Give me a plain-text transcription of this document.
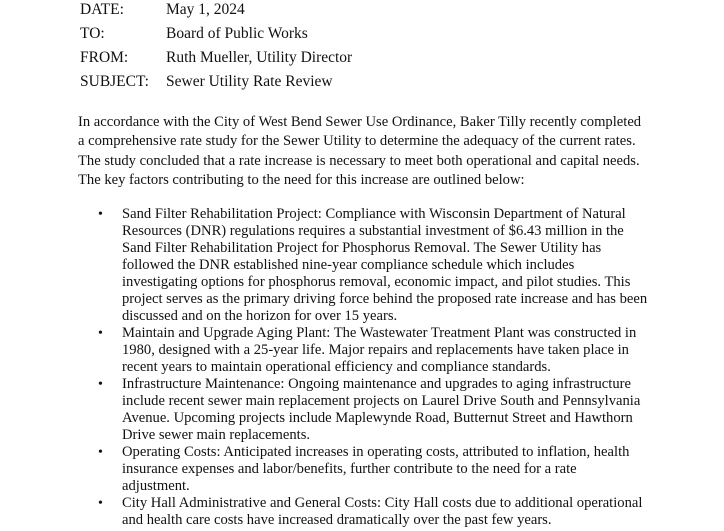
DATE:	May 1, 2024
TO:	Board of Public Works
FROM:	Ruth Mueller, Utility Director
SUBJECT:	Sewer Utility Rate Review
In accordance with the City of West Bend Sewer Use Ordinance, Baker Tilly recently completed
a comprehensive rate study for the Sewer Utility to determine the adequacy of the current rates.
The study concluded that a rate increase is necessary to meet both operational and capital needs.
The key factors contributing to the need for this increase are outlined below:
•	Sand Filter Rehabilitation Project: Compliance with Wisconsin Department of Natural
Resources (DNR) regulations requires a substantial investment of $6.43 million in the
Sand Filter Rehabilitation Project for Phosphorus Removal. The Sewer Utility has
followed the DNR established nine-year compliance schedule which includes
investigating options for phosphorus removal, economic impact, and pilot studies. This
project serves as the primary driving force behind the proposed rate increase and has been
discussed and on the horizon for over 15 years.
•	Maintain and Upgrade Aging Plant: The Wastewater Treatment Plant was constructed in
1980, designed with a 25-year life. Major repairs and replacements have taken place in
recent years to maintain operational efficiency and compliance standards.
•	Infrastructure Maintenance: Ongoing maintenance and upgrades to aging infrastructure
include recent sewer main replacement projects on Laurel Drive South and Pennsylvania
Avenue. Upcoming projects include Maplewynde Road, Butternut Street and Hawthorn
Drive sewer main replacements.
•	Operating Costs: Anticipated increases in operating costs, attributed to inflation, health
insurance expenses and labor/benefits, further contribute to the need for a rate
adjustment.
•	City Hall Administrative and General Costs: City Hall costs due to additional operational
and health care costs have increased dramatically over the past few years.
